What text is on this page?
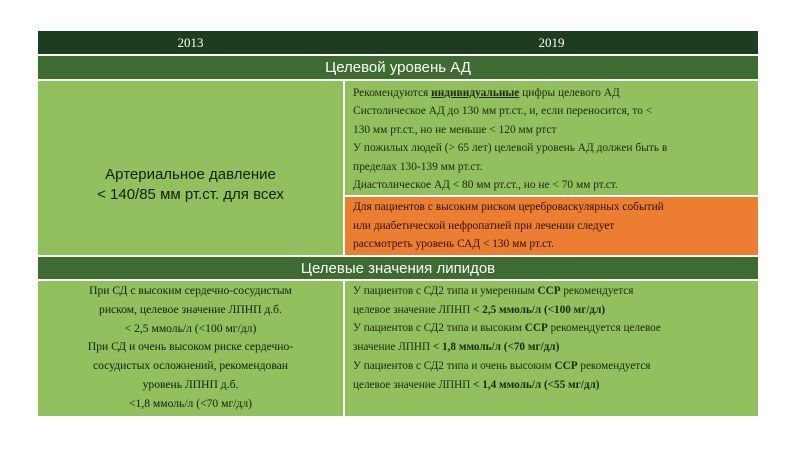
2013	2019
Целевой уровень АД
Артериальное давление
< 140/85 мм рт.ст. для всех
Рекомендуются индивидуальные цифры целевого АД
Систолическое АД до 130 мм рт.ст., и, если переносится, то <
130 мм рт.ст., но не меньше < 120 мм ртст
У пожилых людей (> 65 лет) целевой уровень АД должен быть в
пределах 130-139 мм рт.ст.
Диастолическое АД < 80 мм рт.ст., но не < 70 мм рт.ст.
Для пациентов с высоким риском цереброваскулярных событий
или диабетической нефропатией при лечении следует
рассмотреть уровень САД < 130 мм рт.ст.
Целевые значения липидов
При СД с высоким сердечно-сосудистым
риском, целевое значение ЛПНП д.б.
< 2,5 ммоль/л (<100 мг/дл)
При СД и очень высоком риске сердечно-
сосудистых осложнений, рекомендован
уровень ЛПНП д.б.
<1,8 ммоль/л (<70 мг/дл)
У пациентов с СД2 типа и умеренным ССР рекомендуется
целевое значение ЛПНП < 2,5 ммоль/л (<100 мг/дл)
У пациентов с СД2 типа и высоким ССР рекомендуется целевое
значение ЛПНП < 1,8 ммоль/л (<70 мг/дл)
У пациентов с СД2 типа и очень высоким ССР рекомендуется
целевое значение ЛПНП < 1,4 ммоль/л (<55 мг/дл)
